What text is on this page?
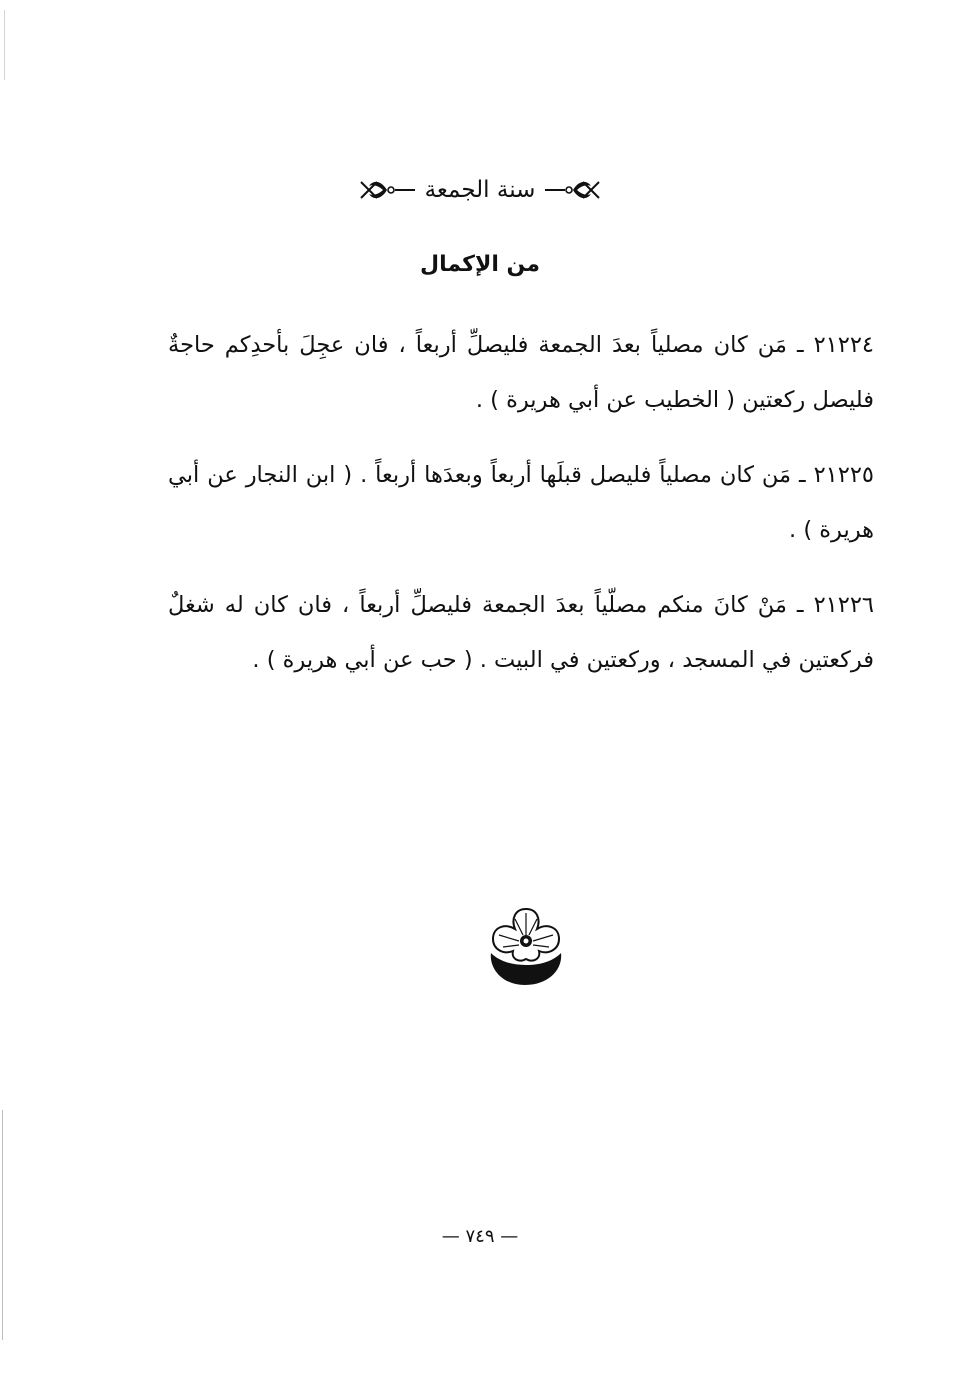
سنة الجمعة
من الإكمال

٢١٢٢٤ ـ مَن كان مصلياً بعدَ الجمعة فليصلِّ أربعاً ، فان عجِلَ بأحدِكم حاجةٌ فليصل ركعتين ( الخطيب عن أبي هريرة ) .

٢١٢٢٥ ـ مَن كان مصلياً فليصل قبلَها أربعاً وبعدَها أربعاً . ( ابن النجار عن أبي هريرة ) .

٢١٢٢٦ ـ مَنْ كانَ منكم مصلّياً بعدَ الجمعة فليصلِّ أربعاً ، فان كان له شغلٌ فركعتين في المسجد ، وركعتين في البيت . ( حب عن أبي هريرة ) .

— ٧٤٩ —
